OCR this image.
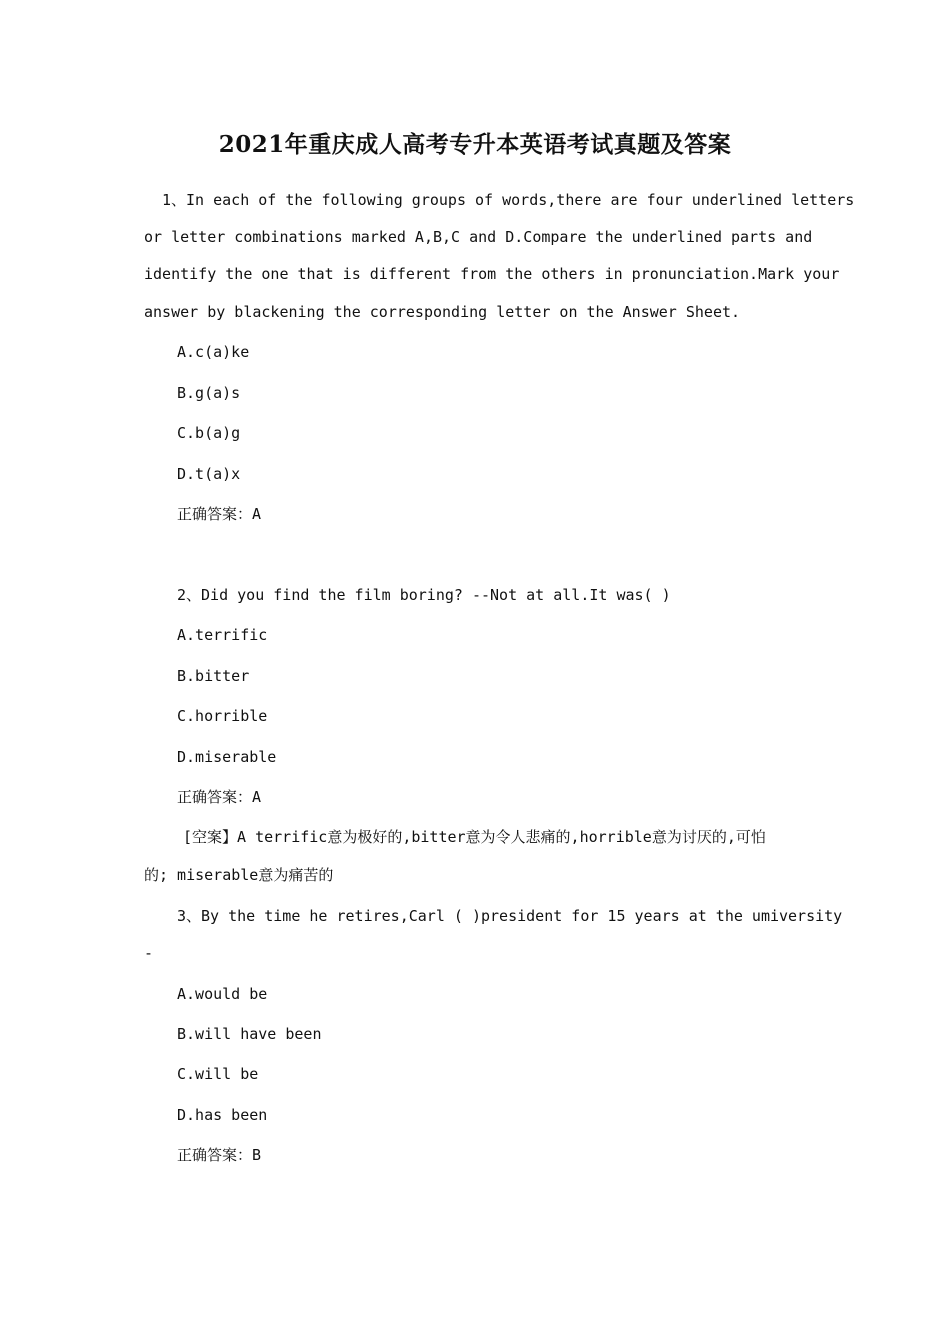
2021年重庆成人高考专升本英语考试真题及答案
1、In each of the following groups of words,there are four underlined letters
or letter combinations marked A,B,C and D.Compare the underlined parts and
identify the one that is different from the others in pronunciation.Mark your
answer by blackening the corresponding letter on the Answer Sheet.
A.c(a)ke
B.g(a)s
C.b(a)g
D.t(a)x
正确答案：A
2、Did you find the film boring? --Not at all.It was( )
A.terrific
B.bitter
C.horrible
D.miserable
正确答案：A
[空案】A terrific意为极好的,bitter意为令人悲痛的,horrible意为讨厌的,可怕
的; miserable意为痛苦的
3、By the time he retires,Carl ( )president for 15 years at the umiversity
-
A.would be
B.will have been
C.will be
D.has been
正确答案：B
